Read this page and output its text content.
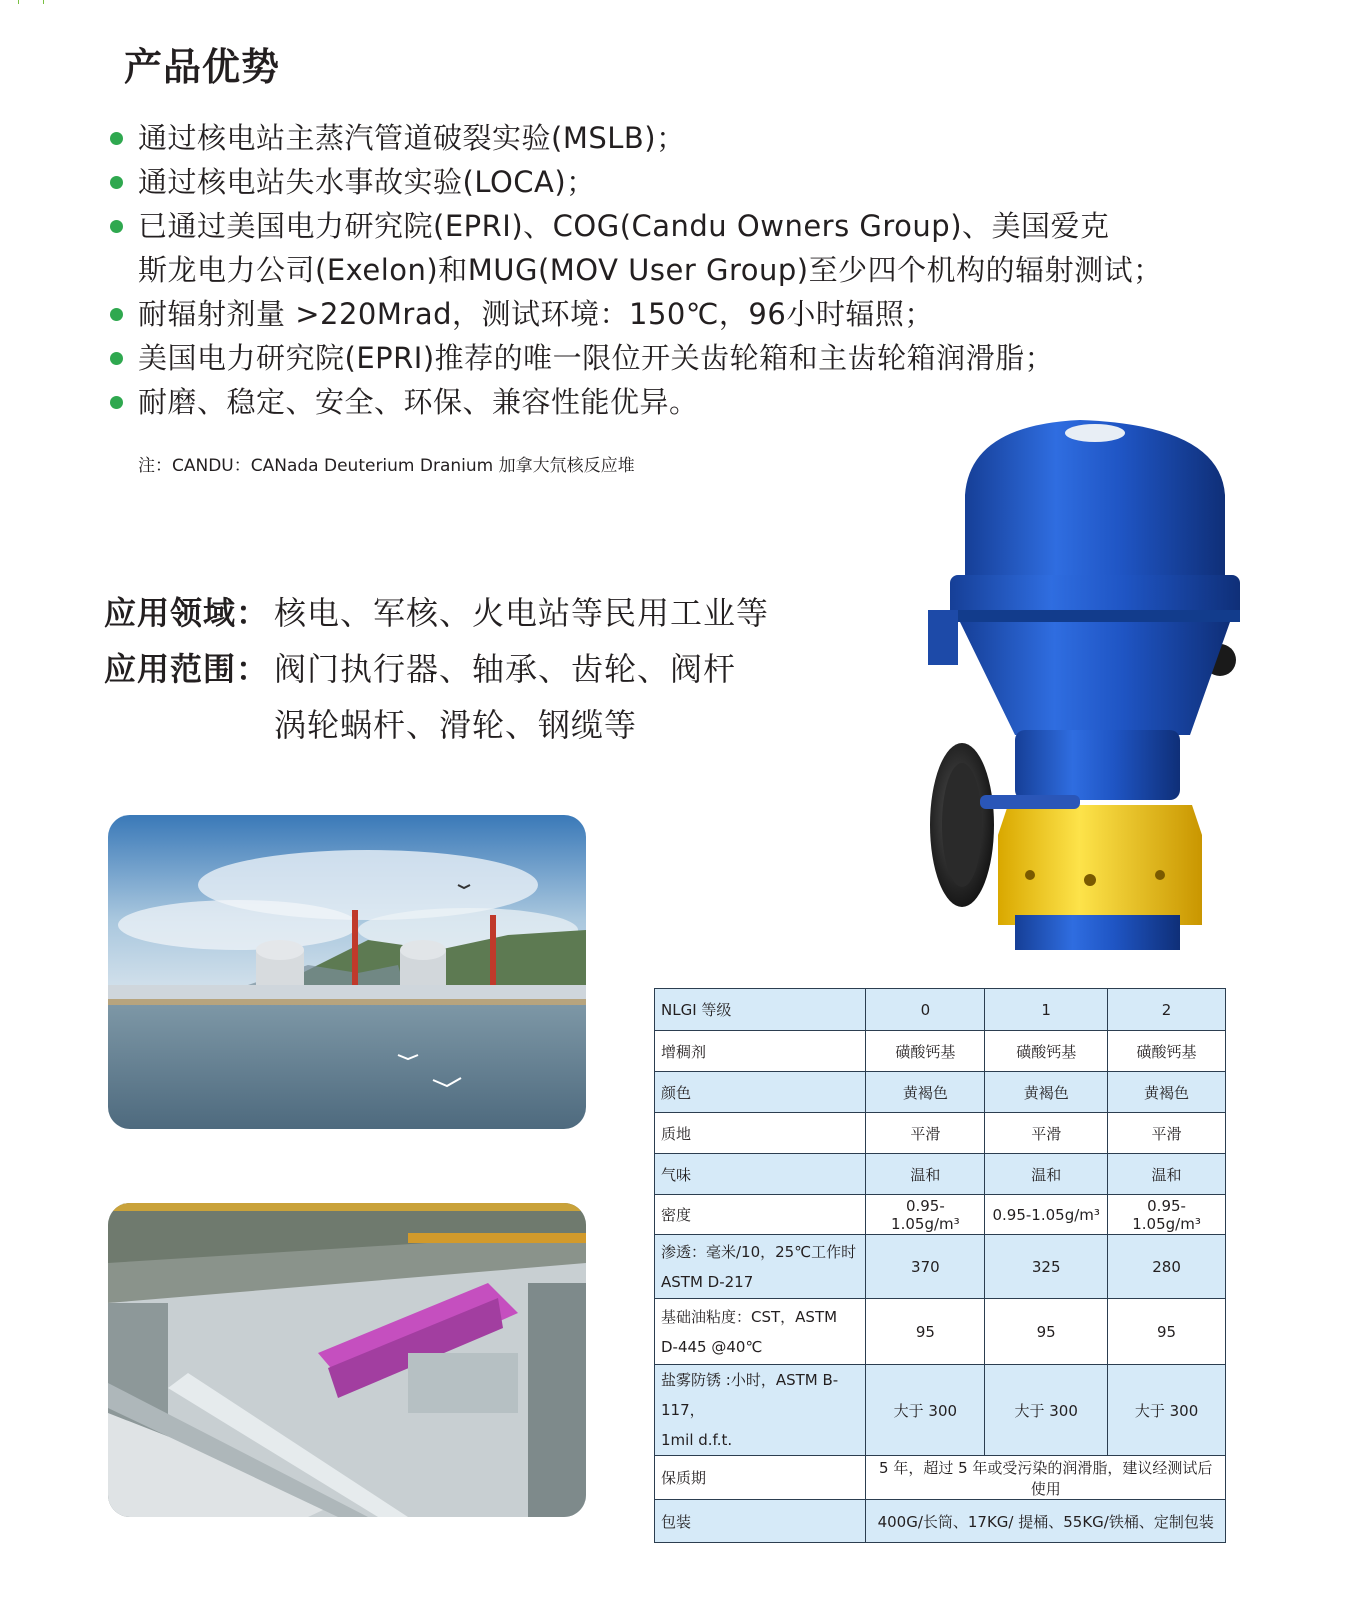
产品优势
通过核电站主蒸汽管道破裂实验(MSLB)；
通过核电站失水事故实验(LOCA)；
已通过美国电力研究院(EPRI)、COG(Candu Owners Group)、美国爱克
斯龙电力公司(Exelon)和MUG(MOV User Group)至少四个机构的辐射测试；
耐辐射剂量 >220Mrad，测试环境：150℃，96小时辐照；
美国电力研究院(EPRI)推荐的唯一限位开关齿轮箱和主齿轮箱润滑脂；
耐磨、稳定、安全、环保、兼容性能优异。

注：CANDU：CANada Deuterium Dranium 加拿大氘核反应堆

应用领域： 核电、军核、火电站等民用工业等
应用范围： 阀门执行器、轴承、齿轮、阀杆
涡轮蜗杆、滑轮、钢缆等
NLGI 等级	0	1	2
增稠剂	磺酸钙基	磺酸钙基	磺酸钙基
颜色	黄褐色	黄褐色	黄褐色
质地	平滑	平滑	平滑
气味	温和	温和	温和
密度	0.95-1.05g/m³	0.95-1.05g/m³	0.95-1.05g/m³

渗透：毫米/10，25℃工作时
ASTM D-217	370	325	280

基础油粘度：CST，ASTM
D-445 @40℃	95	95	95

盐雾防锈 :小时，ASTM B-117，
1mil d.f.t.	大于 300	大于 300	大于 300
保质期	5 年，超过 5 年或受污染的润滑脂，建议经测试后使用		
包装	400G/长筒、17KG/ 提桶、55KG/铁桶、定制包装		
